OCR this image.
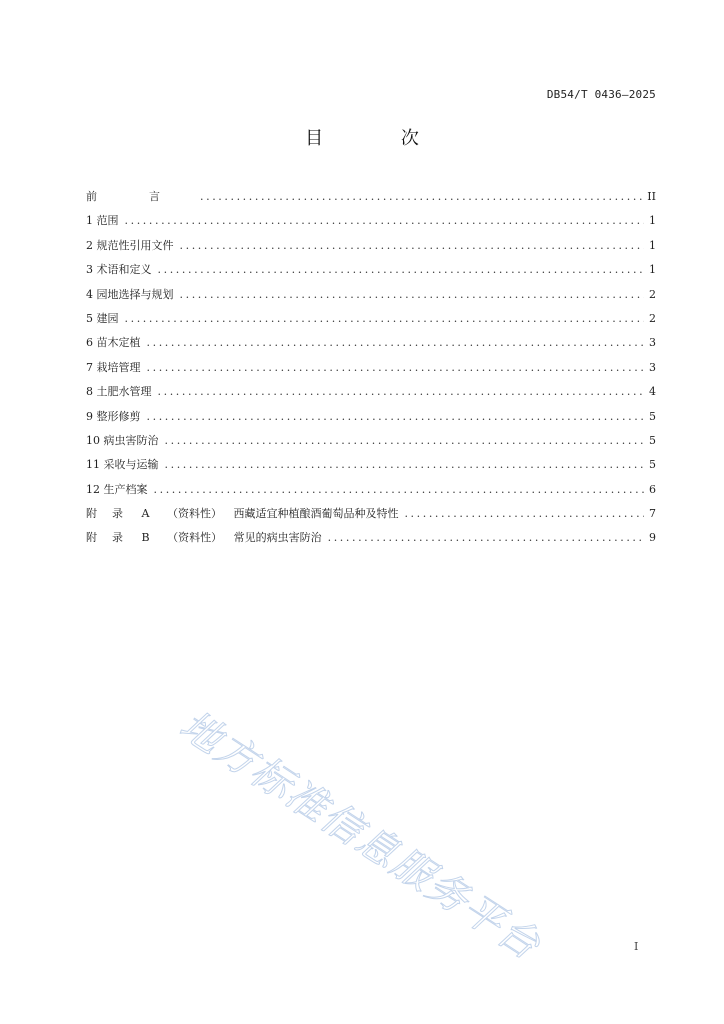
DB54/T 0436—2025
目 次
前	言 .....	II
1 范围 .....	1
2 规范性引用文件 .....	1
3 术语和定义 .....	1
4 园地选择与规划 .....	2
5 建园 .....	2
6 苗木定植 .....	3
7 栽培管理 .....	3
8 土肥水管理 .....	4
9 整形修剪 .....	5
10 病虫害防治 .....	5
11 采收与运输 .....	5
12 生产档案 .....	6
附录 A （资料性） 西藏适宜种植酿酒葡萄品种及特性 .....	7
附录 B （资料性） 常见的病虫害防治 .....	9
地方标准信息服务平台	I
